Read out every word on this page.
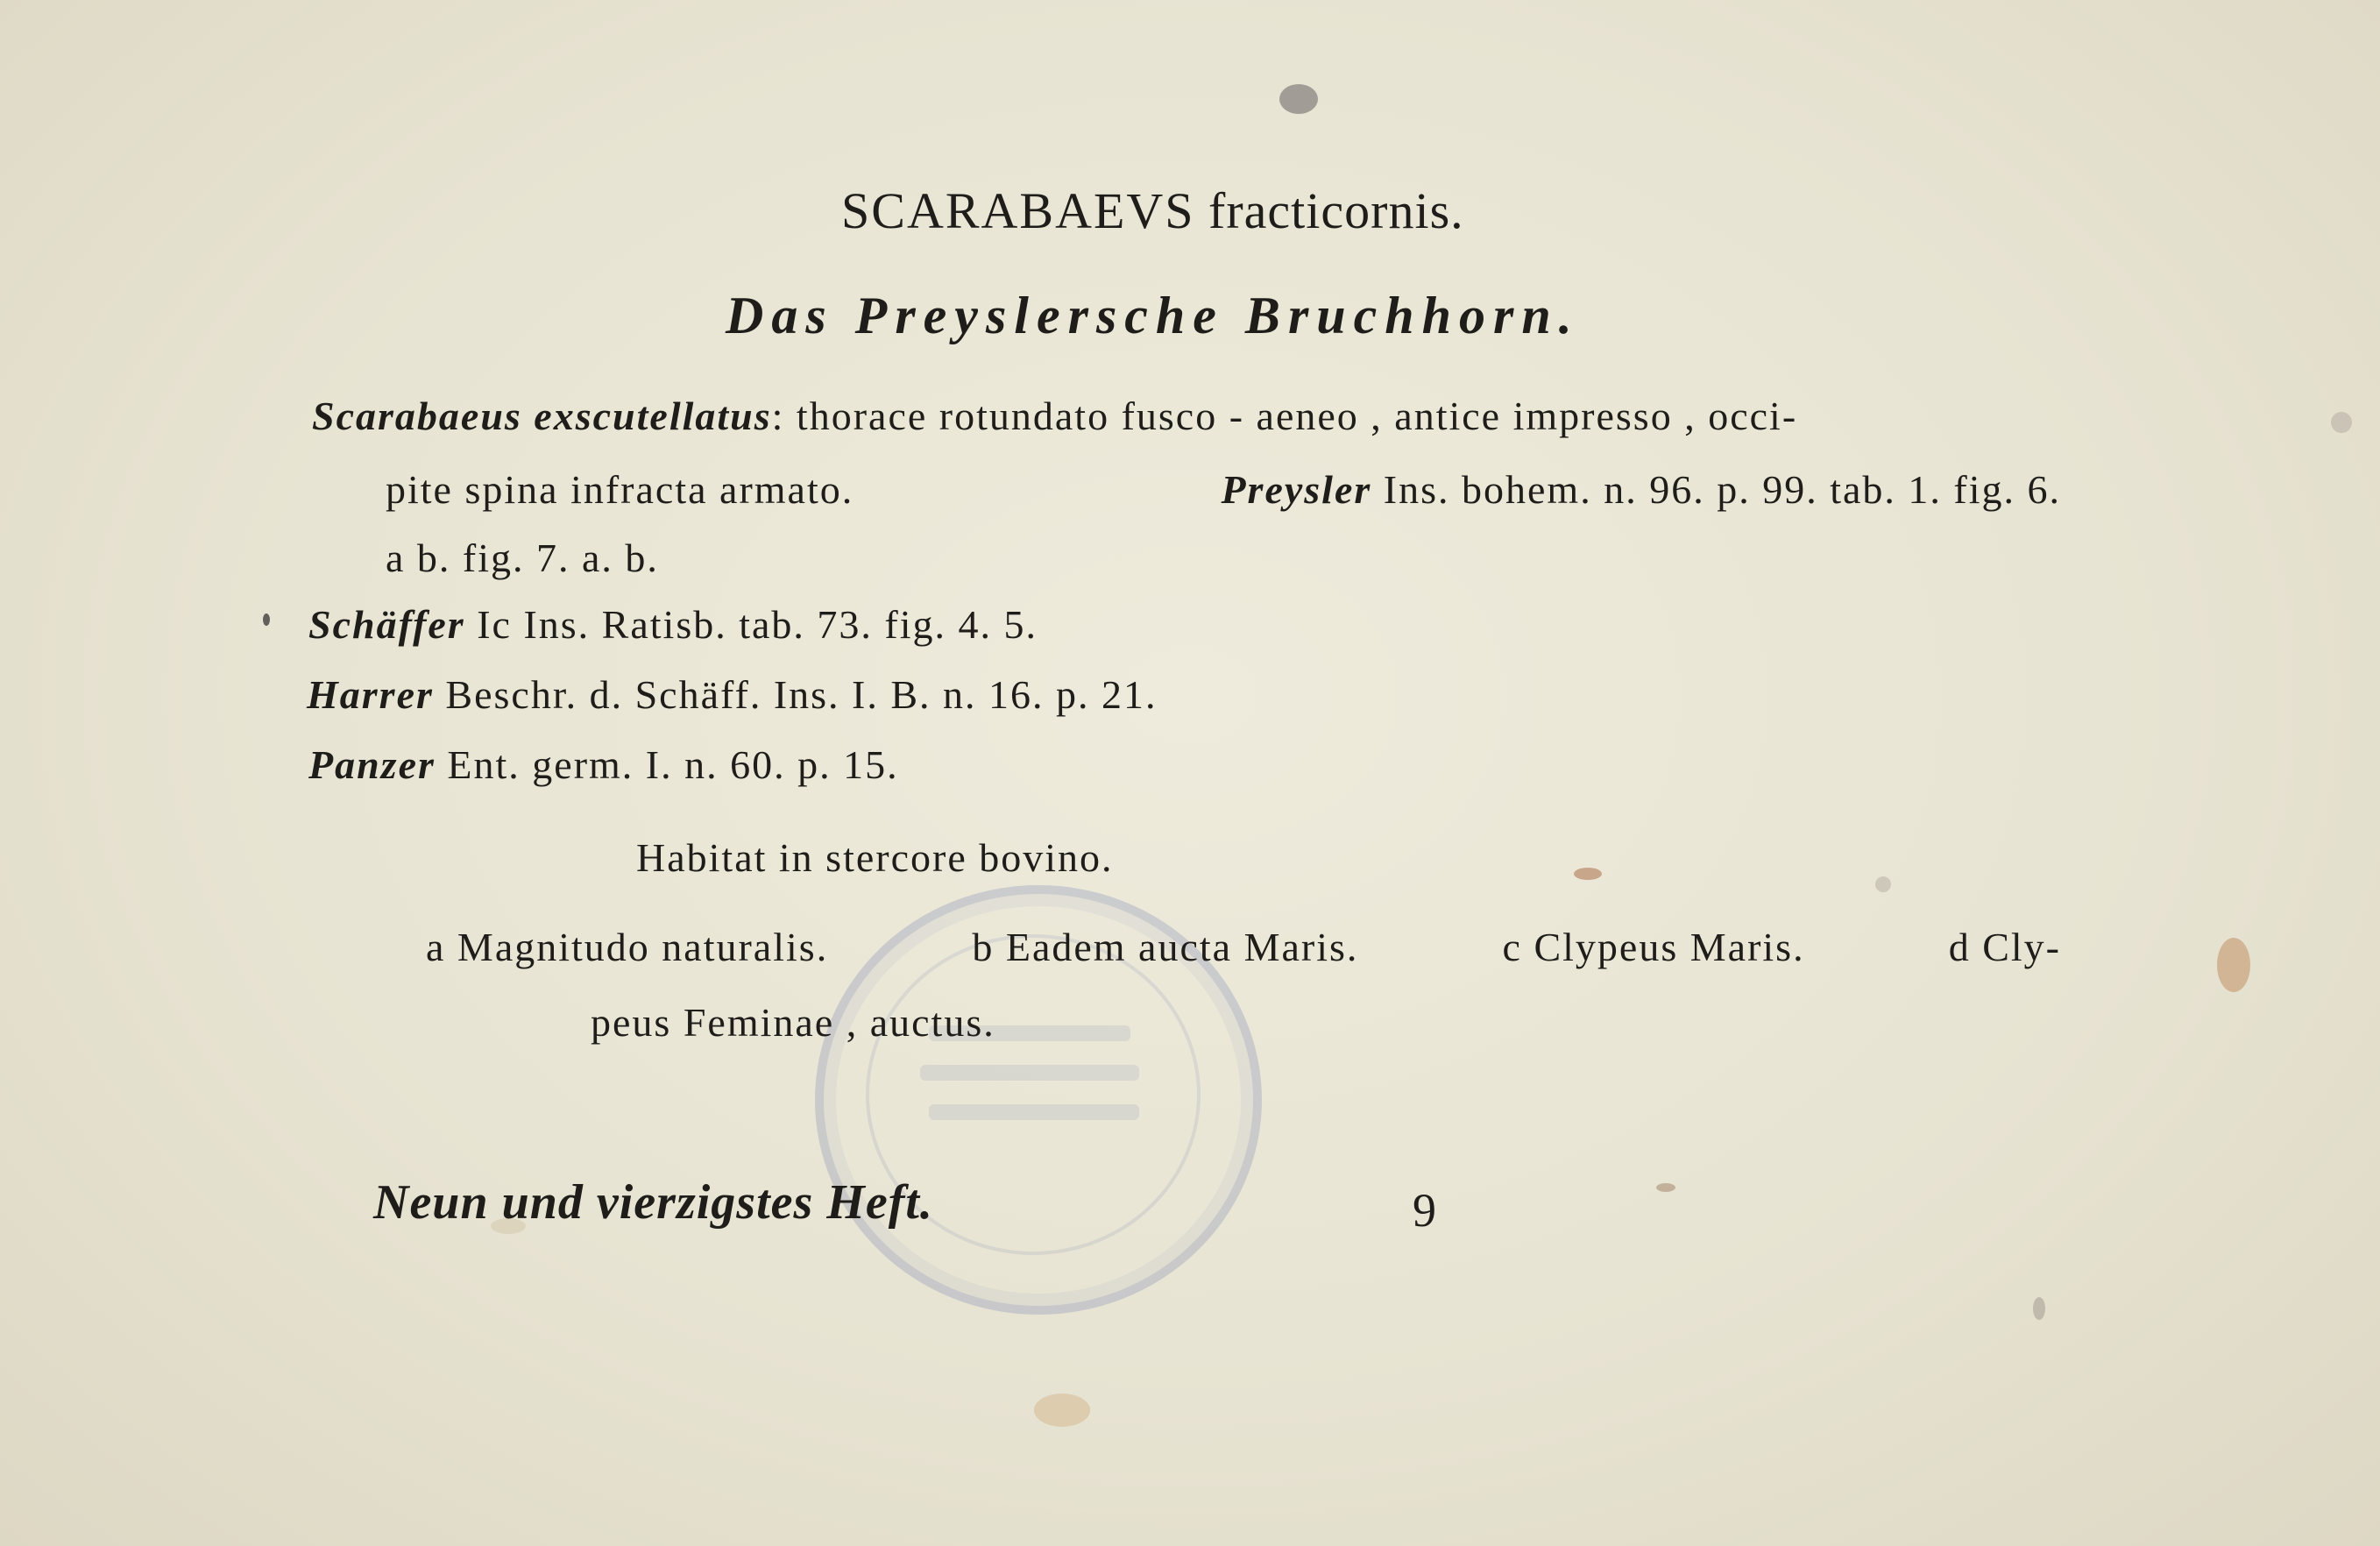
SCARABAEVS fracticornis.
Das Preyslersche Bruchhorn.
Scarabaeus exscutellatus: thorace rotundato fusco - aeneo , antice impresso , occi-
pite spina infracta armato.	Preysler Ins. bohem. n. 96. p. 99. tab. 1. fig. 6.
a b. fig. 7. a. b.
Schäffer Ic Ins. Ratisb. tab. 73. fig. 4. 5.
Harrer Beschr. d. Schäff. Ins. I. B. n. 16. p. 21.
Panzer Ent. germ. I. n. 60. p. 15.
Habitat in stercore bovino.
a Magnitudo naturalis.	b Eadem aucta Maris.	c Clypeus Maris.	d Cly-
peus Feminae , auctus.
Neun und vierzigstes Heft.	9
